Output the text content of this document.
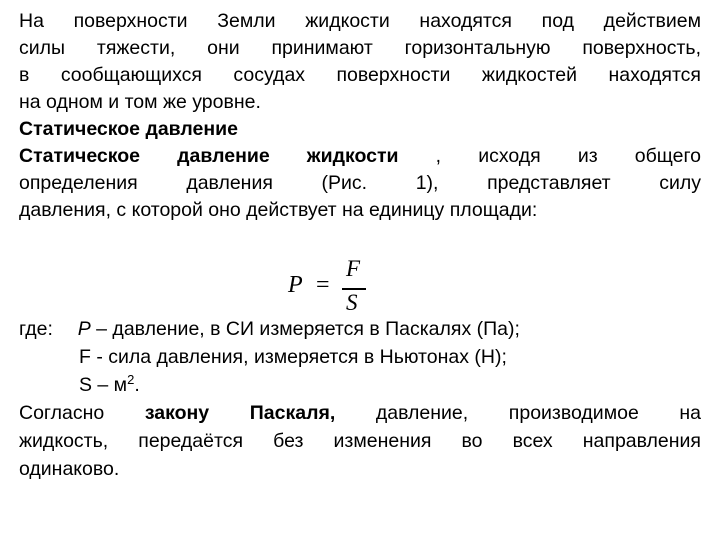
На поверхности Земли жидкости находятся под действием
силы тяжести, они принимают горизонтальную поверхность,
в сообщающихся сосудах поверхности жидкостей находятся
на одном и том же уровне.
Статическое давление
Статическое давление жидкости , исходя из общего
определения давления (Рис. 1), представляет силу
давления, с которой оно действует на единицу площади:
P =
F
S
где: P – давление, в СИ измеряется в Паскалях (Па);
F - сила давления, измеряется в Ньютонах (Н);
S – $м^2$.
Согласно закону Паскаля, давление, производимое на
жидкость, передаётся без изменения во всех направления
одинаково.
